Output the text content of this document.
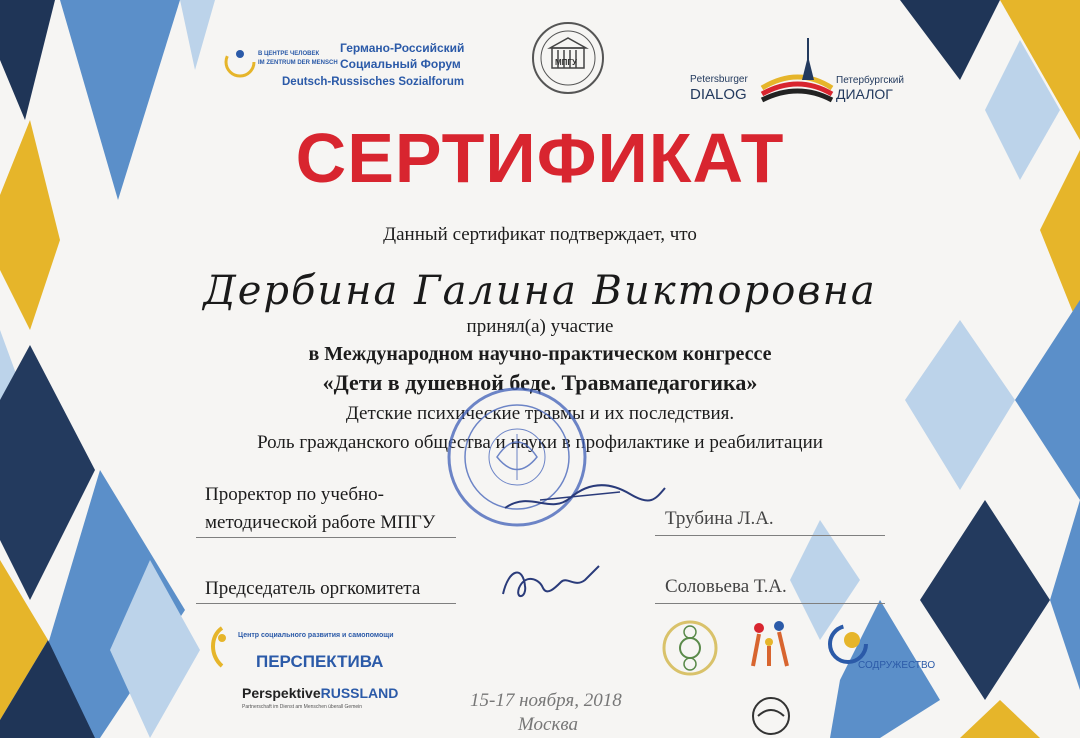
В ЦЕНТРЕ ЧЕЛОВЕК
IM ZENTRUM DER MENSCH
Германо-Российский
Социальный Форум
Deutsch-Russisches Sozialforum
МПГУ
Petersburger
DIALOG
Петербургский
ДИАЛОГ
СЕРТИФИКАТ
Данный сертификат подтверждает, что
Дербина Галина Викторовна
принял(а) участие
в Международном научно-практическом конгрессе
«Дети в душевной беде. Травмапедагогика»
Детские психические травмы и их последствия.
Роль гражданского общества и науки в профилактике и реабилитации
Проректор по учебно-
методической работе МПГУ	Трубина Л.А.
Председатель оргкомитета	Соловьева Т.А.
Центр социального развития и самопомощи
ПЕРСПЕКТИВА
PerspektiveRUSSLAND
Partnerschaft im Dienst am Menschen überall Gemein	15-17 ноября, 2018
Москва
СОДРУЖЕСТВО
